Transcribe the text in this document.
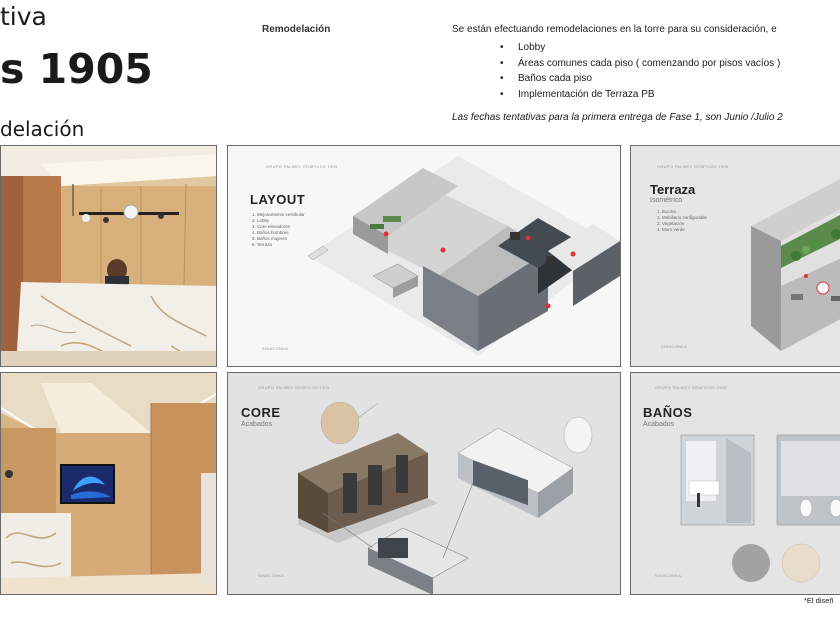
tiva
s 1905
delación
Remodelación	Se están efectuando remodelaciones en la torre para su consideración, e
• Lobby
• Áreas comunes cada piso ( comenzando por pisos vacíos )
• Baños cada piso
• Implementación de Terraza PB
Las fechas tentativas para la primera entrega de Fase 1, son Junio /Julio 2
GRUPO PALMEX GRÁFICOS 1905
LAYOUT
1. Mejoramiento vestibular
2. Lobby
3. Core elevadores
4. Baños hombres
5. Baños mujeres
6. Terraza
SINACONKA
GRUPO PALMEX GRÁFICOS 1905
Terraza
Isométrico
1. Bocina
2. Mobiliario configurable
3. Vegetación
4. Muro verde
SINACONKA
GRUPO PALMEX GRÁFICOS 1905
CORE
Acabados
SINACONKA
GRUPO PALMEX GRÁFICOS 1905
BAÑOS
Acabados
SINACONKA
*El diseñ
